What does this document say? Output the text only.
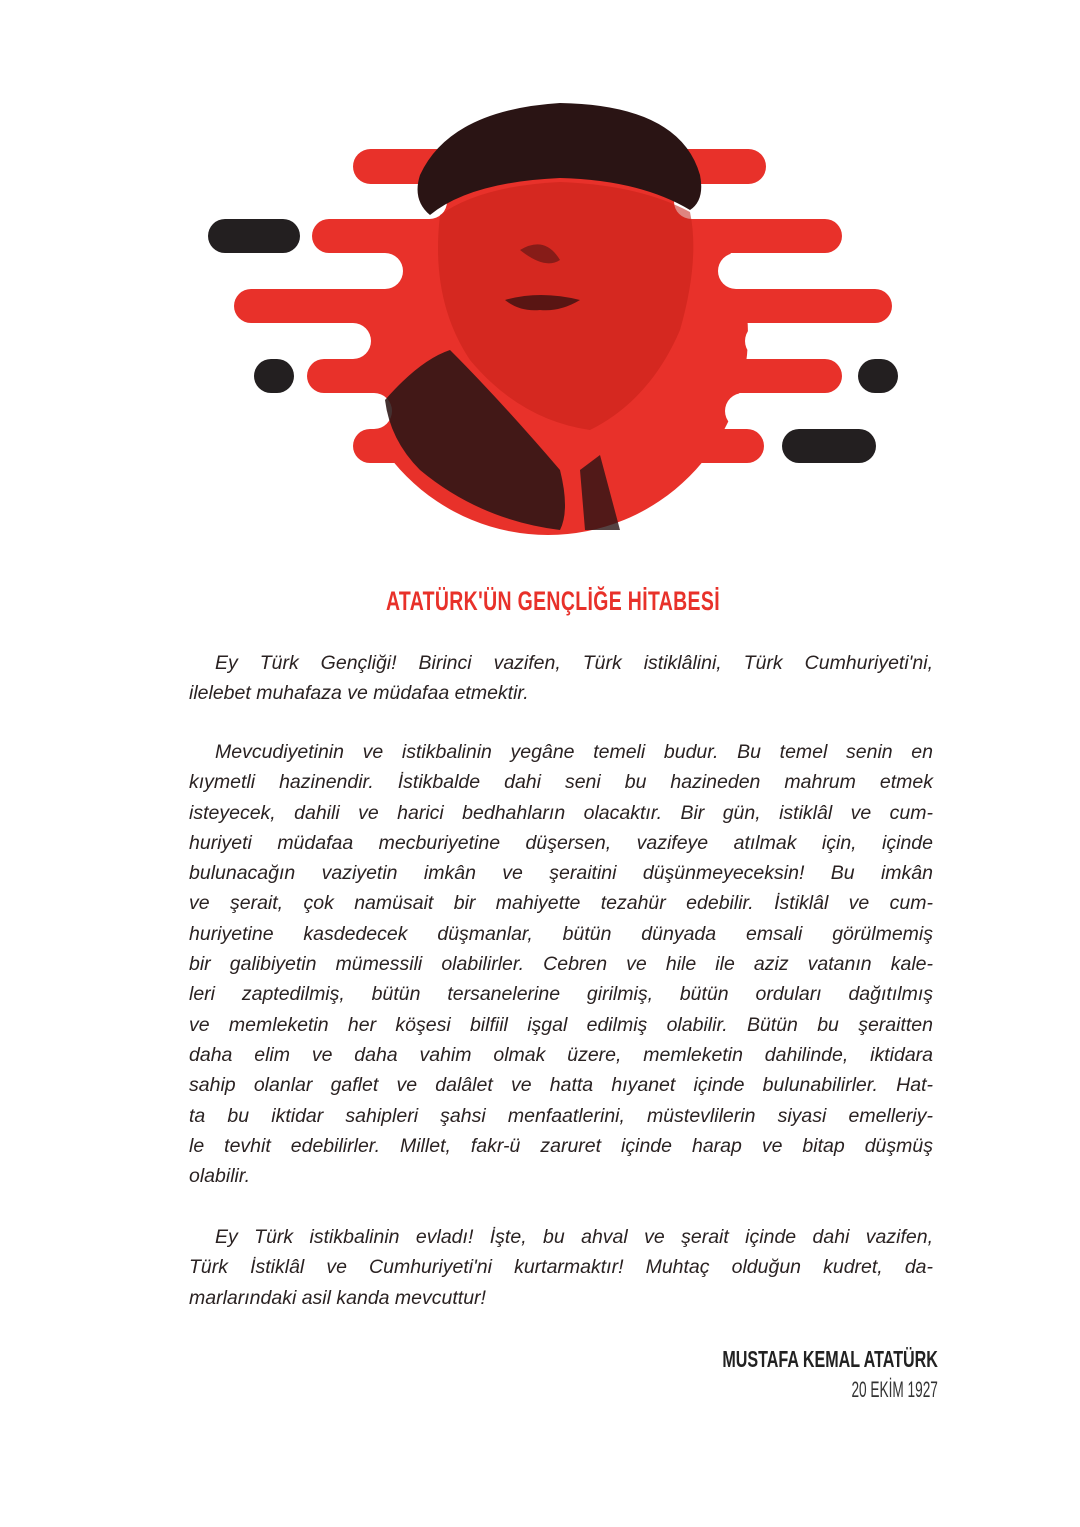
ATATÜRK'ÜN GENÇLİĞE HİTABESİ
Ey Türk Gençliği! Birinci vazifen, Türk istiklâlini, Türk Cumhuriyeti'ni,
ilelebet muhafaza ve müdafaa etmektir.
Mevcudiyetinin ve istikbalinin yegâne temeli budur. Bu temel senin en
kıymetli hazinendir. İstikbalde dahi seni bu hazineden mahrum etmek
isteyecek, dahili ve harici bedhahların olacaktır. Bir gün, istiklâl ve cum-
huriyeti müdafaa mecburiyetine düşersen, vazifeye atılmak için, içinde
bulunacağın vaziyetin imkân ve şeraitini düşünmeyeceksin! Bu imkân
ve şerait, çok namüsait bir mahiyette tezahür edebilir. İstiklâl ve cum-
huriyetine kasdedecek düşmanlar, bütün dünyada emsali görülmemiş
bir galibiyetin mümessili olabilirler. Cebren ve hile ile aziz vatanın kale-
leri zaptedilmiş, bütün tersanelerine girilmiş, bütün orduları dağıtılmış
ve memleketin her köşesi bilfiil işgal edilmiş olabilir. Bütün bu şeraitten
daha elim ve daha vahim olmak üzere, memleketin dahilinde, iktidara
sahip olanlar gaflet ve dalâlet ve hatta hıyanet içinde bulunabilirler. Hat-
ta bu iktidar sahipleri şahsi menfaatlerini, müstevlilerin siyasi emelleriy-
le tevhit edebilirler. Millet, fakr-ü zaruret içinde harap ve bitap düşmüş
olabilir.
Ey Türk istikbalinin evladı! İşte, bu ahval ve şerait içinde dahi vazifen,
Türk İstiklâl ve Cumhuriyeti'ni kurtarmaktır! Muhtaç olduğun kudret, da-
marlarındaki asil kanda mevcuttur!
MUSTAFA KEMAL ATATÜRK
20 EKİM 1927
